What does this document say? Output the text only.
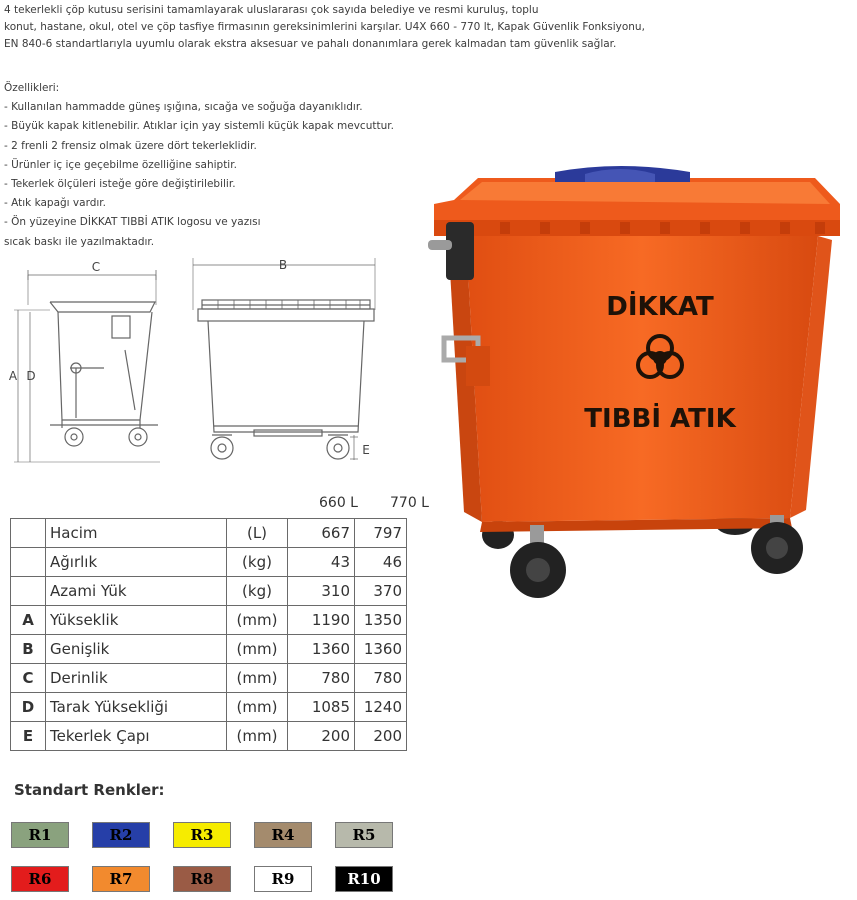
4 tekerlekli çöp kutusu serisini tamamlayarak uluslararası çok sayıda belediye ve resmi kuruluş, toplu
konut, hastane, okul, otel ve çöp tasfiye firmasının gereksinimlerini karşılar. U4X 660 - 770 lt, Kapak Güvenlik Fonksiyonu,
EN 840-6 standartlarıyla uyumlu olarak ekstra aksesuar ve pahalı donanımlara gerek kalmadan tam güvenlik sağlar.

Özellikleri:
- Kullanılan hammadde güneş ışığına, sıcağa ve soğuğa dayanıklıdır.
- Büyük kapak kitlenebilir. Atıklar için yay sistemli küçük kapak mevcuttur.
- 2 frenli 2 frensiz olmak üzere dört tekerleklidir.
- Ürünler iç içe geçebilme özelliğine sahiptir.
- Tekerlek ölçüleri isteğe göre değiştirilebilir.
- Atık kapağı vardır.
- Ön yüzeyine DİKKAT TIBBİ ATIK logosu ve yazısı
sıcak baskı ile yazılmaktadır.
C
A D
B
E
DİKKAT
TIBBİ ATIK
660 L 770 L
	Hacim	(L)	667	797
	Ağırlık	(kg)	43	46
	Azami Yük	(kg)	310	370
A	Yükseklik	(mm)	1190	1350
B	Genişlik	(mm)	1360	1360
C	Derinlik	(mm)	780	780
D	Tarak Yüksekliği	(mm)	1085	1240
E	Tekerlek Çapı	(mm)	200	200
Standart Renkler:
R1	R2	R3	R4	R5
R6	R7	R8	R9	R10
